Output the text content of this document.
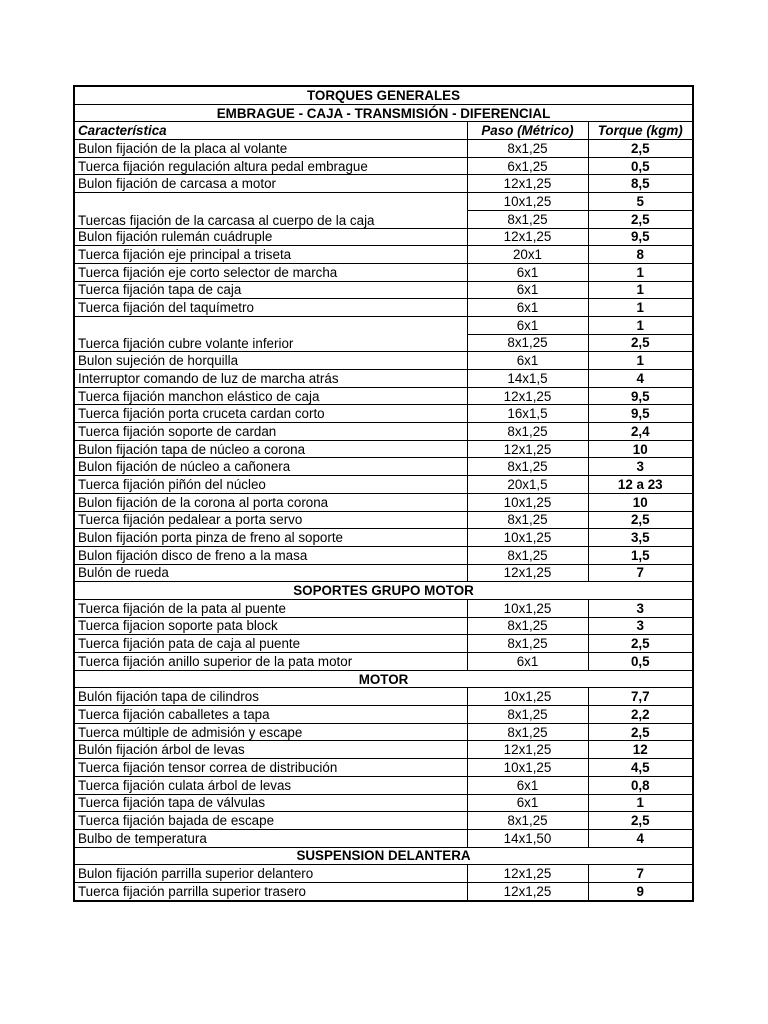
TORQUES GENERALES		
EMBRAGUE - CAJA - TRANSMISIÓN - DIFERENCIAL		
Característica	Paso (Métrico)	Torque (kgm)
Bulon fijación de la placa al volante	8x1,25	2,5
Tuerca fijación regulación altura pedal embrague	6x1,25	0,5
Bulon fijación de carcasa a motor	12x1,25	8,5
Tuercas fijación de la carcasa al cuerpo de la caja	10x1,25	5
	8x1,25	2,5
Bulon fijación rulemán cuádruple	12x1,25	9,5
Tuerca fijación eje principal a triseta	20x1	8
Tuerca fijación eje corto selector de marcha	6x1	1
Tuerca fijación tapa de caja	6x1	1
Tuerca fijación del taquímetro	6x1	1
Tuerca fijación cubre volante inferior	6x1	1
	8x1,25	2,5
Bulon sujeción de horquilla	6x1	1
Interruptor comando de luz de marcha atrás	14x1,5	4
Tuerca fijación manchon elástico de caja	12x1,25	9,5
Tuerca fijación porta cruceta cardan corto	16x1,5	9,5
Tuerca fijación soporte de cardan	8x1,25	2,4
Bulon fijación tapa de núcleo a corona	12x1,25	10
Bulon fijación de núcleo a cañonera	8x1,25	3
Tuerca fijación piñón del núcleo	20x1,5	12 a 23
Bulon fijación de la corona al porta corona	10x1,25	10
Tuerca fijación pedalear a porta servo	8x1,25	2,5
Bulon fijación porta pinza de freno al soporte	10x1,25	3,5
Bulon fijación disco de freno a la masa	8x1,25	1,5
Bulón de rueda	12x1,25	7
SOPORTES GRUPO MOTOR		
Tuerca fijación de la pata al puente	10x1,25	3
Tuerca fijacion soporte pata block	8x1,25	3
Tuerca fijación pata de caja al puente	8x1,25	2,5
Tuerca fijación anillo superior de la pata motor	6x1	0,5
MOTOR		
Bulón fijación tapa de cilindros	10x1,25	7,7
Tuerca fijación caballetes a tapa	8x1,25	2,2
Tuerca múltiple de admisión y escape	8x1,25	2,5
Bulón fijación árbol de levas	12x1,25	12
Tuerca fijación tensor correa de distribución	10x1,25	4,5
Tuerca fijación culata árbol de levas	6x1	0,8
Tuerca fijación tapa de válvulas	6x1	1
Tuerca fijación bajada de escape	8x1,25	2,5
Bulbo de temperatura	14x1,50	4
SUSPENSION DELANTERA		
Bulon fijación parrilla superior delantero	12x1,25	7
Tuerca fijación parrilla superior trasero	12x1,25	9
